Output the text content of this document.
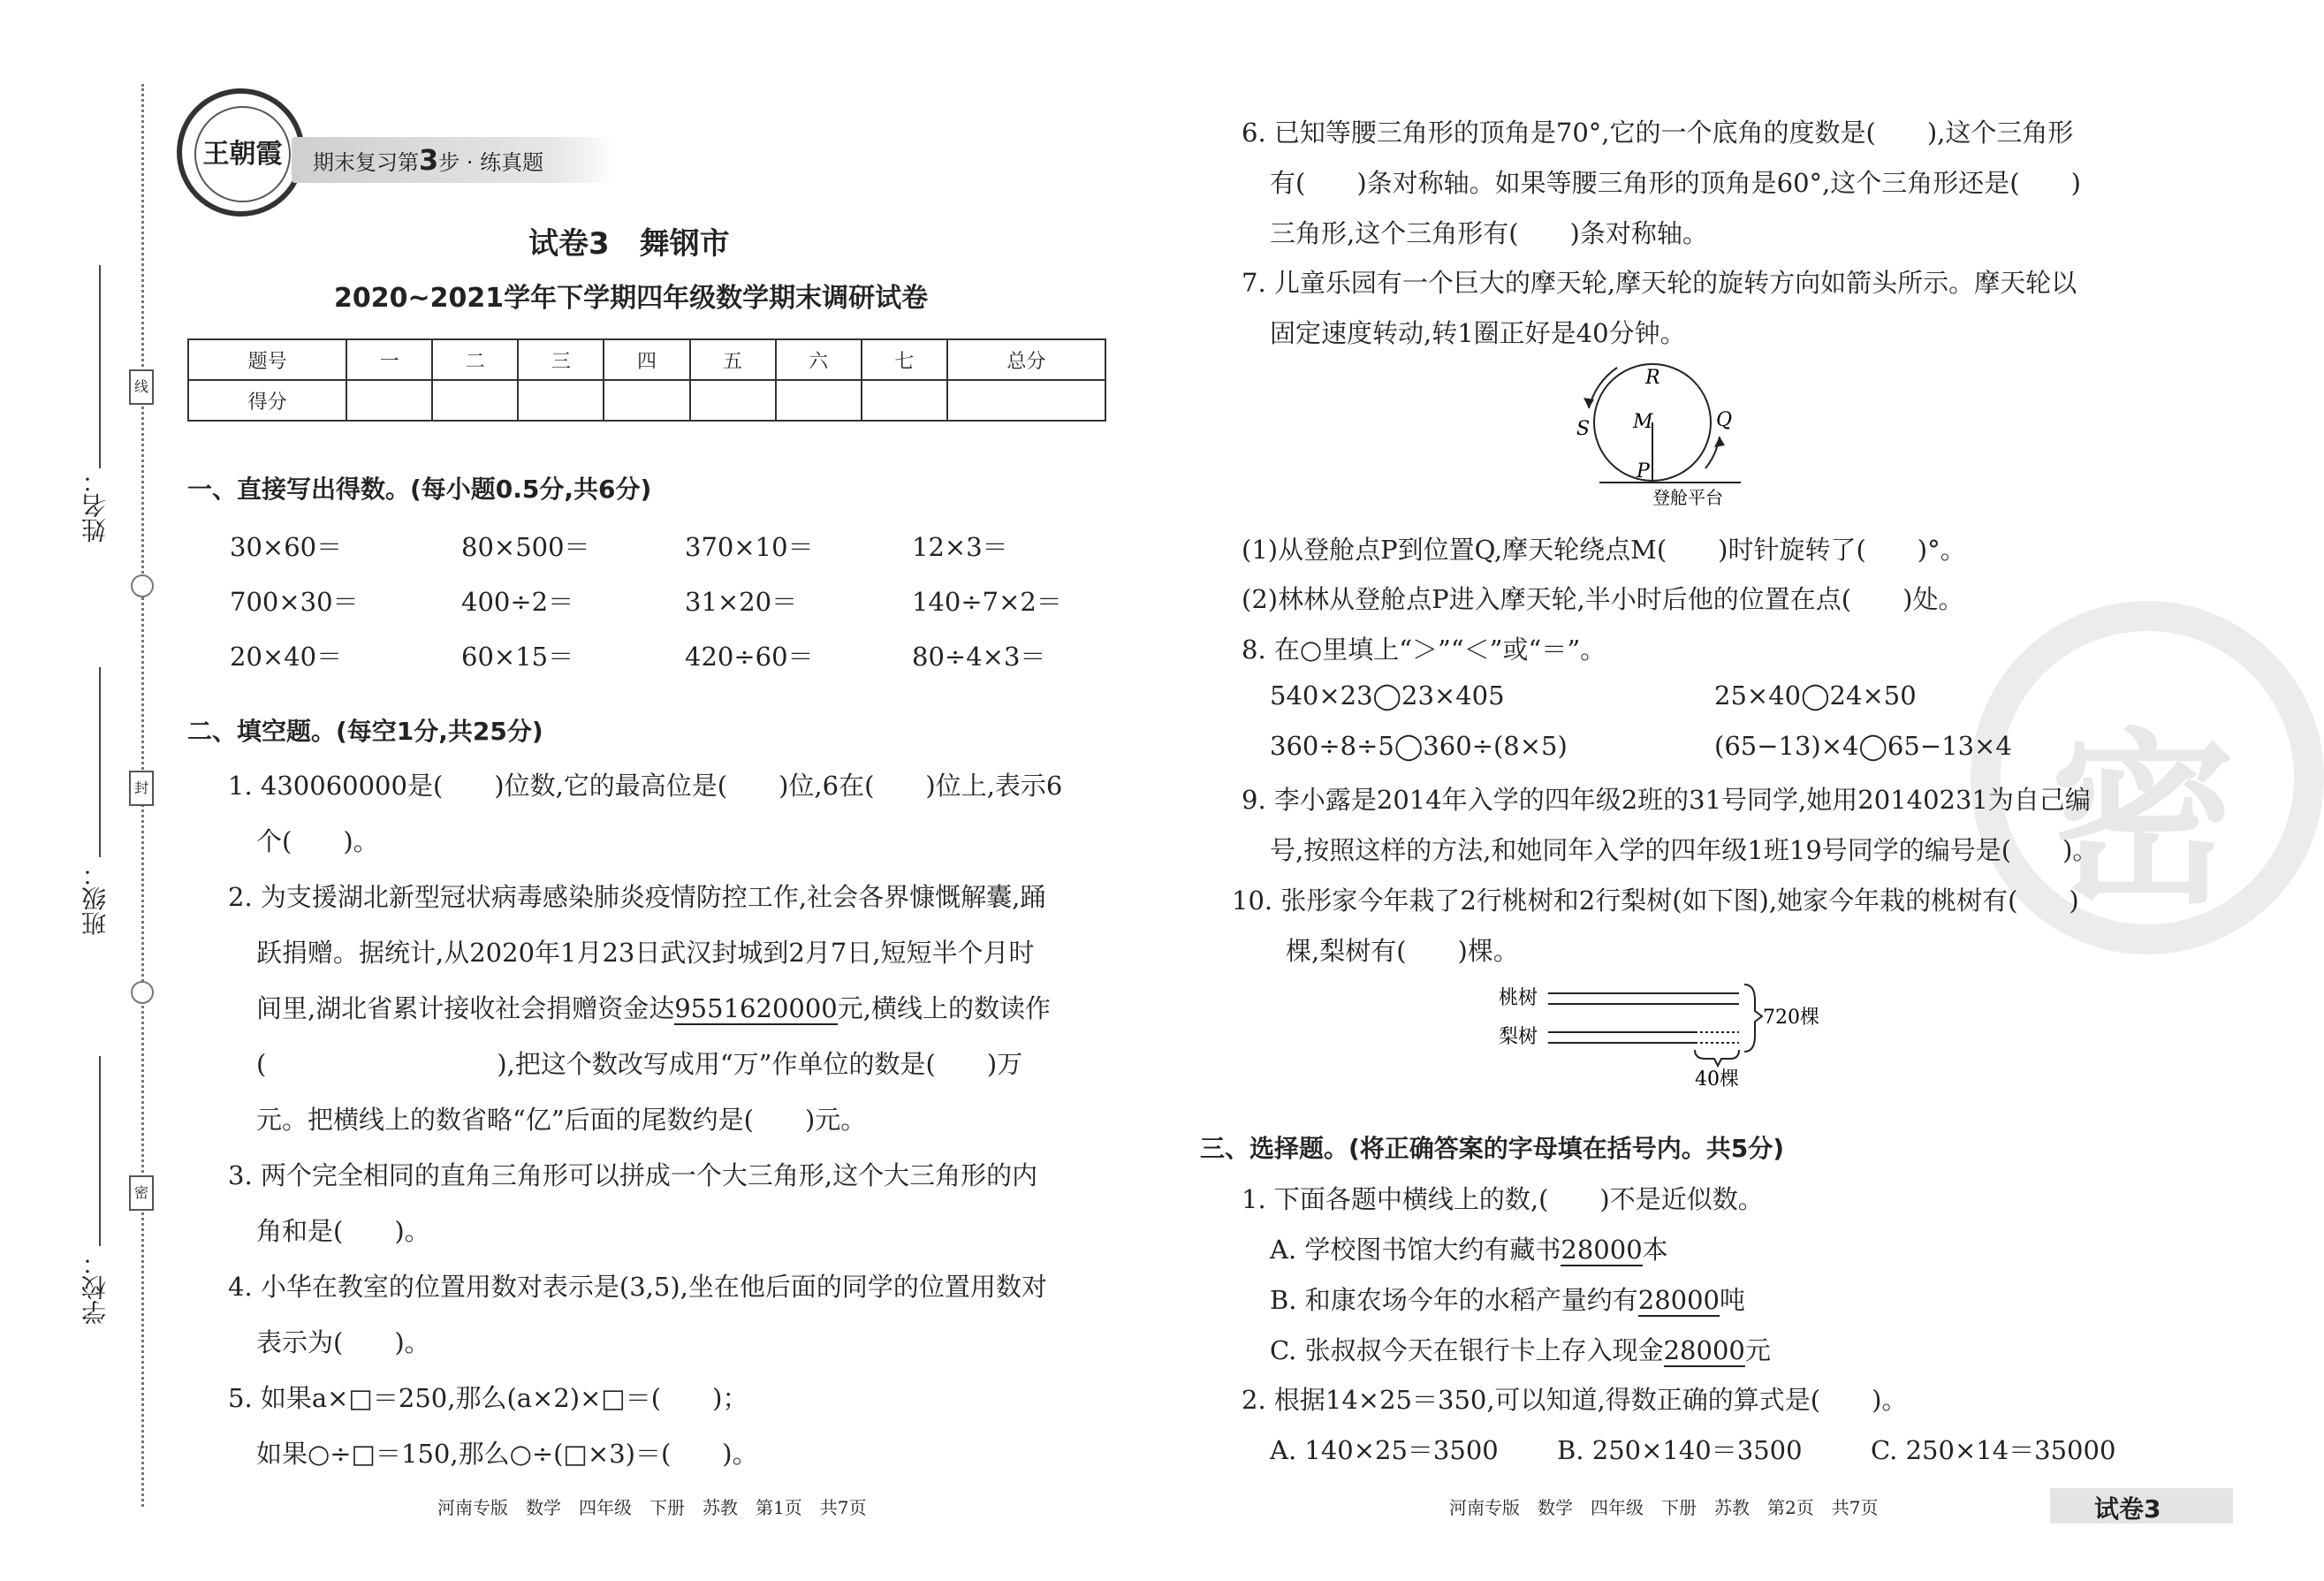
姓名：
班级：
学校：
线
封
密
王朝霞	期末复习第3步 · 练真题
试卷3　舞钢市
2020~2021学年下学期四年级数学期末调研试卷
题号	一	二	三	四	五	六	七	总分
得分								
一、直接写出得数。(每小题0.5分,共6分)
30×60＝	80×500＝	370×10＝	12×3＝
700×30＝	400÷2＝	31×20＝	140÷7×2＝
20×40＝	60×15＝	420÷60＝	80÷4×3＝
二、填空题。(每空1分,共25分)
1. 430060000是(　　)位数,它的最高位是(　　)位,6在(　　)位上,表示6
个(　　)。
2. 为支援湖北新型冠状病毒感染肺炎疫情防控工作,社会各界慷慨解囊,踊
跃捐赠。据统计,从2020年1月23日武汉封城到2月7日,短短半个月时
间里,湖北省累计接收社会捐赠资金达9551620000元,横线上的数读作
(　　　　　　　　　),把这个数改写成用“万”作单位的数是(　　)万
元。把横线上的数省略“亿”后面的尾数约是(　　)元。
3. 两个完全相同的直角三角形可以拼成一个大三角形,这个大三角形的内
角和是(　　)。
4. 小华在教室的位置用数对表示是(3,5),坐在他后面的同学的位置用数对
表示为(　　)。
5. 如果a×□＝250,那么(a×2)×□＝(　　)；
如果○÷□＝150,那么○÷(□×3)＝(　　)。
河南专版　数学　四年级　下册　苏教　第1页　共7页
密
6. 已知等腰三角形的顶角是70°,它的一个底角的度数是(　　),这个三角形
有(　　)条对称轴。如果等腰三角形的顶角是60°,这个三角形还是(　　)
三角形,这个三角形有(　　)条对称轴。
7. 儿童乐园有一个巨大的摩天轮,摩天轮的旋转方向如箭头所示。摩天轮以
固定速度转动,转1圈正好是40分钟。
R
M
S	Q
P
登舱平台
(1)从登舱点P到位置Q,摩天轮绕点M(　　)时针旋转了(　　)°。
(2)林林从登舱点P进入摩天轮,半小时后他的位置在点(　　)处。
8. 在○里填上“＞”“＜”或“＝”。
540×23◯23×405	25×40◯24×50
360÷8÷5◯360÷(8×5)	(65−13)×4◯65−13×4
9. 李小露是2014年入学的四年级2班的31号同学,她用20140231为自己编
号,按照这样的方法,和她同年入学的四年级1班19号同学的编号是(　　)。
10. 张彤家今年栽了2行桃树和2行梨树(如下图),她家今年栽的桃树有(　　)
棵,梨树有(　　)棵。
桃树
梨树
720棵
40棵
三、选择题。(将正确答案的字母填在括号内。共5分)
1. 下面各题中横线上的数,(　　)不是近似数。
A. 学校图书馆大约有藏书28000本
B. 和康农场今年的水稻产量约有28000吨
C. 张叔叔今天在银行卡上存入现金28000元
2. 根据14×25＝350,可以知道,得数正确的算式是(　　)。
A. 140×25＝3500 B. 250×140＝3500	C. 250×14＝35000
河南专版　数学　四年级　下册　苏教　第2页　共7页	试卷3
